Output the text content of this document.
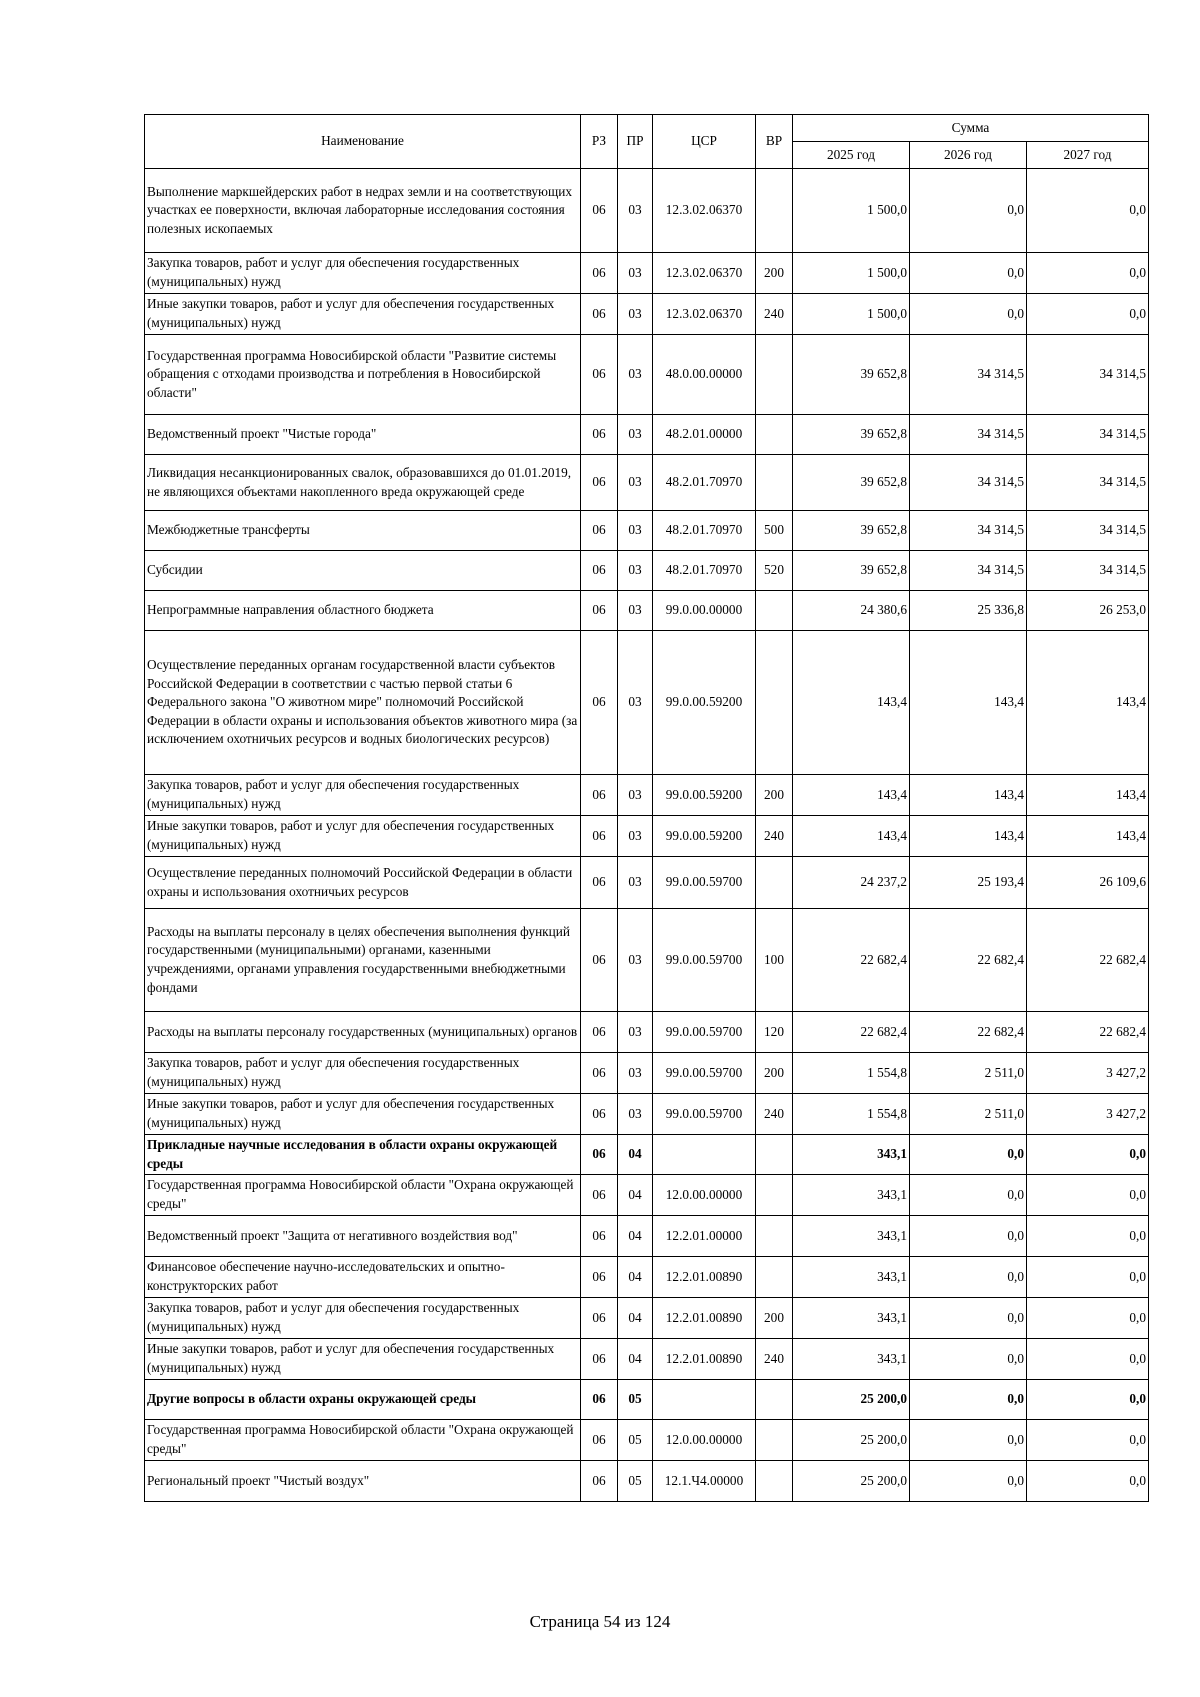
Наименование	РЗ	ПР	ЦСР	ВР	Сумма		
					2025 год	2026 год	2027 год
Выполнение маркшейдерских работ в недрах земли и на соответствующих участках ее поверхности, включая лабораторные исследования состояния полезных ископаемых	06	03	12.3.02.06370		1 500,0	0,0	0,0
Закупка товаров, работ и услуг для обеспечения государственных (муниципальных) нужд	06	03	12.3.02.06370	200	1 500,0	0,0	0,0
Иные закупки товаров, работ и услуг для обеспечения государственных (муниципальных) нужд	06	03	12.3.02.06370	240	1 500,0	0,0	0,0
Государственная программа Новосибирской области "Развитие системы обращения с отходами производства и потребления в Новосибирской области"	06	03	48.0.00.00000		39 652,8	34 314,5	34 314,5
Ведомственный проект "Чистые города"	06	03	48.2.01.00000		39 652,8	34 314,5	34 314,5
Ликвидация несанкционированных свалок, образовавшихся до 01.01.2019, не являющихся объектами накопленного вреда окружающей среде	06	03	48.2.01.70970		39 652,8	34 314,5	34 314,5
Межбюджетные трансферты	06	03	48.2.01.70970	500	39 652,8	34 314,5	34 314,5
Субсидии	06	03	48.2.01.70970	520	39 652,8	34 314,5	34 314,5
Непрограммные направления областного бюджета	06	03	99.0.00.00000		24 380,6	25 336,8	26 253,0
Осуществление переданных органам государственной власти субъектов Российской Федерации в соответствии с частью первой статьи 6 Федерального закона "О животном мире" полномочий Российской Федерации в области охраны и использования объектов животного мира (за исключением охотничьих ресурсов и водных биологических ресурсов)	06	03	99.0.00.59200		143,4	143,4	143,4
Закупка товаров, работ и услуг для обеспечения государственных (муниципальных) нужд	06	03	99.0.00.59200	200	143,4	143,4	143,4
Иные закупки товаров, работ и услуг для обеспечения государственных (муниципальных) нужд	06	03	99.0.00.59200	240	143,4	143,4	143,4
Осуществление переданных полномочий Российской Федерации в области охраны и использования охотничьих ресурсов	06	03	99.0.00.59700		24 237,2	25 193,4	26 109,6
Расходы на выплаты персоналу в целях обеспечения выполнения функций государственными (муниципальными) органами, казенными учреждениями, органами управления государственными внебюджетными фондами	06	03	99.0.00.59700	100	22 682,4	22 682,4	22 682,4
Расходы на выплаты персоналу государственных (муниципальных) органов	06	03	99.0.00.59700	120	22 682,4	22 682,4	22 682,4
Закупка товаров, работ и услуг для обеспечения государственных (муниципальных) нужд	06	03	99.0.00.59700	200	1 554,8	2 511,0	3 427,2
Иные закупки товаров, работ и услуг для обеспечения государственных (муниципальных) нужд	06	03	99.0.00.59700	240	1 554,8	2 511,0	3 427,2
Прикладные научные исследования в области охраны окружающей среды	06	04			343,1	0,0	0,0
Государственная программа Новосибирской области "Охрана окружающей среды"	06	04	12.0.00.00000		343,1	0,0	0,0
Ведомственный проект "Защита от негативного воздействия вод"	06	04	12.2.01.00000		343,1	0,0	0,0
Финансовое обеспечение научно-исследовательских и опытно-конструкторских работ	06	04	12.2.01.00890		343,1	0,0	0,0
Закупка товаров, работ и услуг для обеспечения государственных (муниципальных) нужд	06	04	12.2.01.00890	200	343,1	0,0	0,0
Иные закупки товаров, работ и услуг для обеспечения государственных (муниципальных) нужд	06	04	12.2.01.00890	240	343,1	0,0	0,0
Другие вопросы в области охраны окружающей среды	06	05			25 200,0	0,0	0,0
Государственная программа Новосибирской области "Охрана окружающей среды"	06	05	12.0.00.00000		25 200,0	0,0	0,0
Региональный проект "Чистый воздух"	06	05	12.1.Ч4.00000		25 200,0	0,0	0,0
Страница 54 из 124
